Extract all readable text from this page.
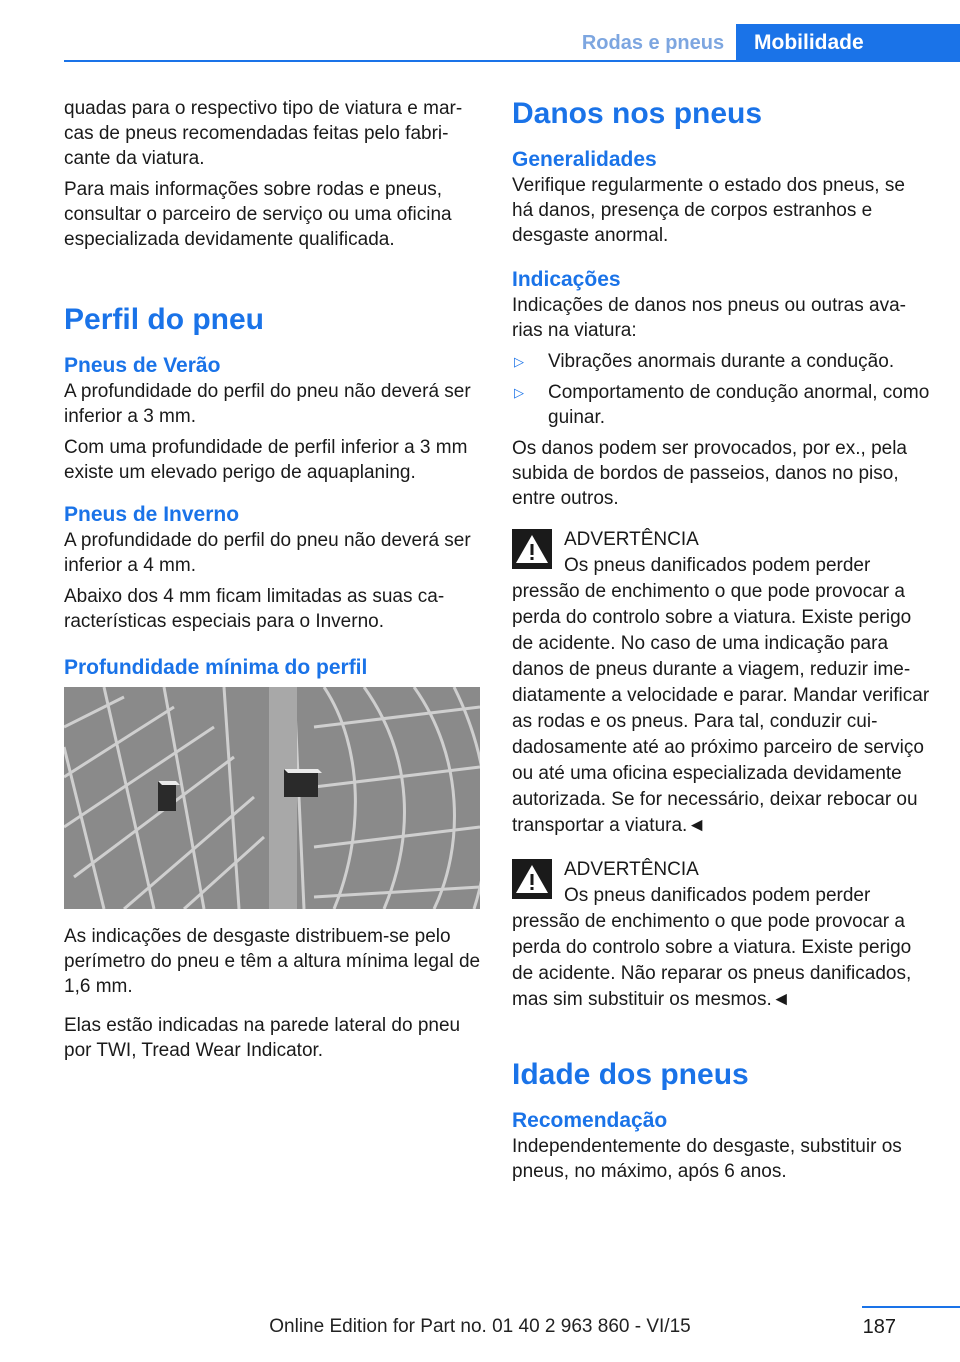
Rodas e pneus	Mobilidade

quadas para o respectivo tipo de viatura e marcas de pneus recomendadas feitas pelo fabricante da viatura.

Para mais informações sobre rodas e pneus, consultar o parceiro de serviço ou uma oficina especializada devidamente qualificada.

Perfil do pneu
Pneus de Verão

A profundidade do perfil do pneu não deverá ser inferior a 3 mm.

Com uma profundidade de perfil inferior a 3 mm existe um elevado perigo de aquaplaning.

Pneus de Inverno

A profundidade do perfil do pneu não deverá ser inferior a 4 mm.

Abaixo dos 4 mm ficam limitadas as suas características especiais para o Inverno.

Profundidade mínima do perfil

As indicações de desgaste distribuem-se pelo perímetro do pneu e têm a altura mínima legal de 1,6 mm.

Elas estão indicadas na parede lateral do pneu por TWI, Tread Wear Indicator.

Danos nos pneus
Generalidades

Verifique regularmente o estado dos pneus, se há danos, presença de corpos estranhos e desgaste anormal.

Indicações

Indicações de danos nos pneus ou outras avarias na viatura:

▷	Vibrações anormais durante a condução.
▷	Comportamento de condução anormal, como guinar.

Os danos podem ser provocados, por ex., pela subida de bordos de passeios, danos no piso, entre outros.

ADVERTÊNCIA
Os pneus danificados podem perder
pressão de enchimento o que pode provocar a perda do controlo sobre a viatura. Existe perigo de acidente. No caso de uma indicação para danos de pneus durante a viagem, reduzir imediatamente a velocidade e parar. Mandar verificar as rodas e os pneus. Para tal, conduzir cuidadosamente até ao próximo parceiro de serviço ou até uma oficina especializada devidamente autorizada. Se for necessário, deixar rebocar ou transportar a viatura.◄
ADVERTÊNCIA
Os pneus danificados podem perder
pressão de enchimento o que pode provocar a perda do controlo sobre a viatura. Existe perigo de acidente. Não reparar os pneus danificados, mas sim substituir os mesmos.◄
Idade dos pneus
Recomendação

Independentemente do desgaste, substituir os pneus, no máximo, após 6 anos.

187
Online Edition for Part no. 01 40 2 963 860 - VI/15
